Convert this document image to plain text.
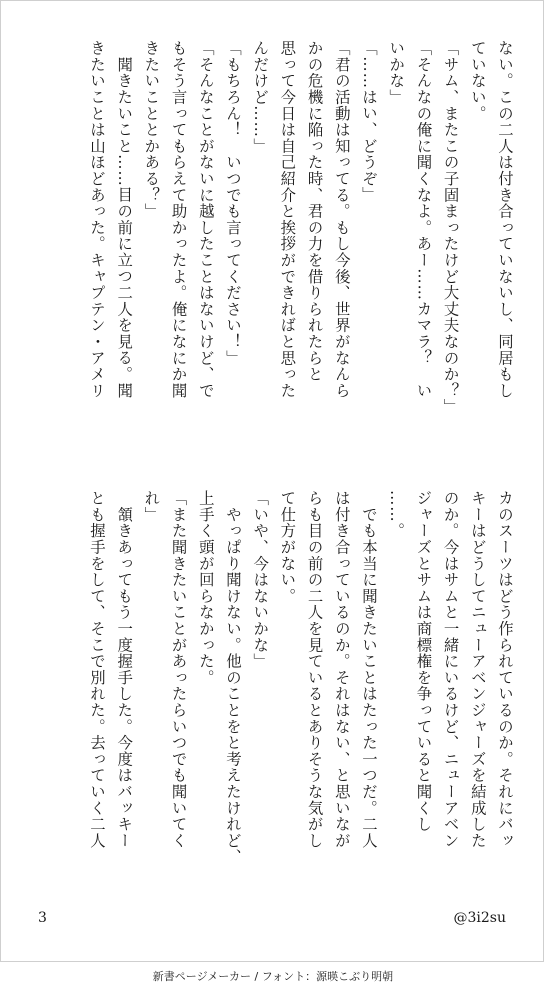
ない。この二人は付き合っていないし、同居もし
ていない。
「サム、またこの子固まったけど大丈夫なのか？」
「そんなの俺に聞くなよ。あー……カマラ？　い
いかな」
「……はい、どうぞ」
「君の活動は知ってる。もし今後、世界がなんら
かの危機に陥った時、君の力を借りられたらと
思って今日は自己紹介と挨拶ができればと思った
んだけど……」
「もちろん！　いつでも言ってください！」
「そんなことがないに越したことはないけど、で
もそう言ってもらえて助かったよ。俺になにか聞
きたいこととかある？」
　聞きたいこと……目の前に立つ二人を見る。聞
きたいことは山ほどあった。キャプテン・アメリ
カのスーツはどう作られているのか。それにバッ
キーはどうしてニューアベンジャーズを結成した
のか。今はサムと一緒にいるけど、ニューアベン
ジャーズとサムは商標権を争っていると聞くし
……。
　でも本当に聞きたいことはたった一つだ。二人
は付き合っているのか。それはない、と思いなが
らも目の前の二人を見ているとありそうな気がし
て仕方がない。
「いや、今はないかな」
　やっぱり聞けない。他のことをと考えたけれど、
上手く頭が回らなかった。
「また聞きたいことがあったらいつでも聞いてく
れ」
　頷きあってもう一度握手した。今度はバッキー
とも握手をして、そこで別れた。去っていく二人
3	@3i2su
新書ページメーカー / フォント：源暎こぶり明朝
